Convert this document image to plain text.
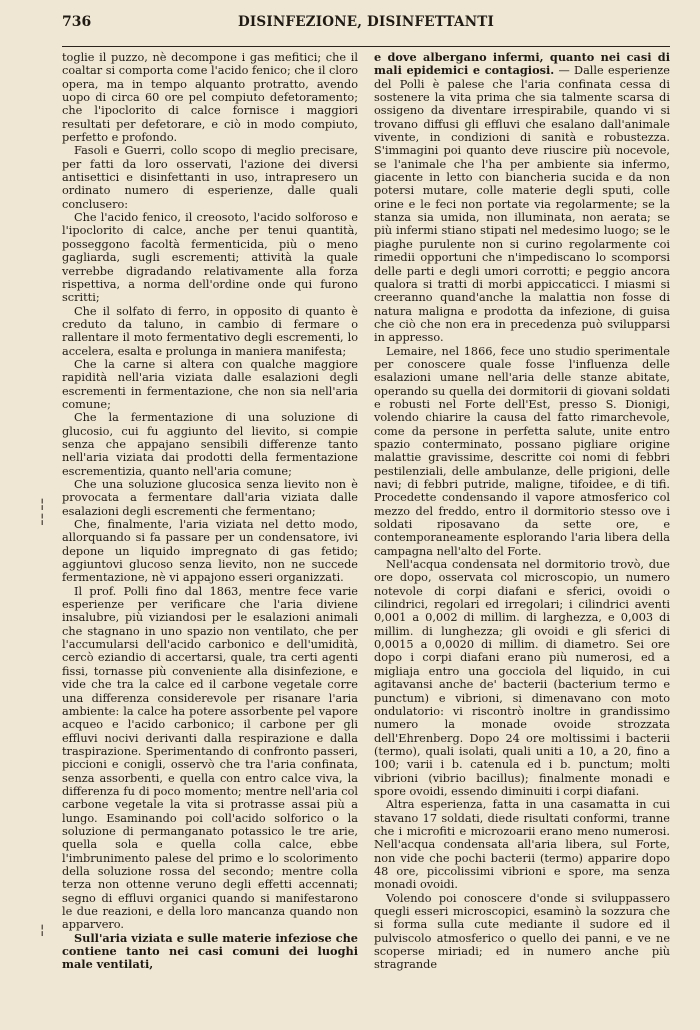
736	DISINFEZIONE, DISINFETTANTI

toglie il puzzo, nè decompone i gas mefitici; che il coaltar si comporta come l'acido fenico; che il cloro opera, ma in tempo alquanto protratto, avendo uopo di circa 60 ore pel compiuto defetoramento; che l'ipoclorito di calce fornisce i maggiori resultati per defetorare, e ciò in modo compiuto, perfetto e profondo.

Fasoli e Guerri, collo scopo di meglio precisare, per fatti da loro osservati, l'azione dei diversi antisettici e disinfettanti in uso, intrapresero un ordinato numero di esperienze, dalle quali conclusero:

Che l'acido fenico, il creosoto, l'acido solforoso e l'ipoclorito di calce, anche per tenui quantità, posseggono facoltà fermenticida, più o meno gagliarda, sugli escrementi; attività la quale verrebbe digradando relativamente alla forza rispettiva, a norma dell'ordine onde qui furono scritti;

Che il solfato di ferro, in opposito di quanto è creduto da taluno, in cambio di fermare o rallentare il moto fermentativo degli escrementi, lo accelera, esalta e prolunga in maniera manifesta;

Che la carne si altera con qualche maggiore rapidità nell'aria viziata dalle esalazioni degli escrementi in fermentazione, che non sia nell'aria comune;

Che la fermentazione di una soluzione di glucosio, cui fu aggiunto del lievito, si compie senza che appajano sensibili differenze tanto nell'aria viziata dai prodotti della fermentazione escrementizia, quanto nell'aria comune;

Che una soluzione glucosica senza lievito non è provocata a fermentare dall'aria viziata dalle esalazioni degli escrementi che fermentano;

Che, finalmente, l'aria viziata nel detto modo, allorquando si fa passare per un condensatore, ivi depone un liquido impregnato di gas fetido; aggiuntovi glucoso senza lievito, non ne succede fermentazione, nè vi appajono esseri organizzati.

Il prof. Polli fino dal 1863, mentre fece varie esperienze per verificare che l'aria diviene insalubre, più viziandosi per le esalazioni animali che stagnano in uno spazio non ventilato, che per l'accumularsi dell'acido carbonico e dell'umidità, cercò eziandio di accertarsi, quale, tra certi agenti fissi, tornasse più conveniente alla disinfezione, e vide che tra la calce ed il carbone vegetale corre una differenza considerevole per risanare l'aria ambiente: la calce ha potere assorbente pel vapore acqueo e l'acido carbonico; il carbone per gli effluvi nocivi derivanti dalla respirazione e dalla traspirazione. Sperimentando di confronto passeri, piccioni e conigli, osservò che tra l'aria confinata, senza assorbenti, e quella con entro calce viva, la differenza fu di poco momento; mentre nell'aria col carbone vegetale la vita si protrasse assai più a lungo. Esaminando poi coll'acido solforico o la soluzione di permanganato potassico le tre arie, quella sola e quella colla calce, ebbe l'imbrunimento palese del primo e lo scolorimento della soluzione rossa del secondo; mentre colla terza non ottenne veruno degli effetti accennati; segno di effluvi organici quando si manifestarono le due reazioni, e della loro mancanza quando non apparvero.

Sull'aria viziata e sulle materie infeziose che contiene tanto nei casi comuni dei luoghi male ventilati,

e dove albergano infermi, quanto nei casi di mali epidemici e contagiosi. — Dalle esperienze del Polli è palese che l'aria confinata cessa di sostenere la vita prima che sia talmente scarsa di ossigeno da diventare irrespirabile, quando vi si trovano diffusi gli effluvi che esalano dall'animale vivente, in condizioni di sanità e robustezza. S'immagini poi quanto deve riuscire più nocevole, se l'animale che l'ha per ambiente sia infermo, giacente in letto con biancheria sucida e da non potersi mutare, colle materie degli sputi, colle orine e le feci non portate via regolarmente; se la stanza sia umida, non illuminata, non aerata; se più infermi stiano stipati nel medesimo luogo; se le piaghe purulente non si curino regolarmente coi rimedii opportuni che n'impediscano lo scomporsi delle parti e degli umori corrotti; e peggio ancora qualora si tratti di morbi appiccaticci. I miasmi si creeranno quand'anche la malattia non fosse di natura maligna e prodotta da infezione, di guisa che ciò che non era in precedenza può svilupparsi in appresso.

Lemaire, nel 1866, fece uno studio sperimentale per conoscere quale fosse l'influenza delle esalazioni umane nell'aria delle stanze abitate, operando su quella dei dormitorii di giovani soldati e robusti nel Forte dell'Est, presso S. Dionigi, volendo chiarire la causa del fatto rimarchevole, come da persone in perfetta salute, unite entro spazio conterminato, possano pigliare origine malattie gravissime, descritte coi nomi di febbri pestilenziali, delle ambulanze, delle prigioni, delle navi; di febbri putride, maligne, tifoidee, e di tifi. Procedette condensando il vapore atmosferico col mezzo del freddo, entro il dormitorio stesso ove i soldati riposavano da sette ore, e contemporaneamente esplorando l'aria libera della campagna nell'alto del Forte.

Nell'acqua condensata nel dormitorio trovò, due ore dopo, osservata col microscopio, un numero notevole di corpi diafani e sferici, ovoidi o cilindrici, regolari ed irregolari; i cilindrici aventi 0,001 a 0,002 di millim. di larghezza, e 0,003 di millim. di lunghezza; gli ovoidi e gli sferici di 0,0015 a 0,0020 di millim. di diametro. Sei ore dopo i corpi diafani erano più numerosi, ed a migliaja entro una gocciola del liquido, in cui agitavansi anche de' bacterii (bacterium termo e punctum) e vibrioni, si dimenavano con moto ondulatorio: vi riscontrò inoltre in grandissimo numero la monade ovoide strozzata dell'Ehrenberg. Dopo 24 ore moltissimi i bacterii (termo), quali isolati, quali uniti a 10, a 20, fino a 100; varii i b. catenula ed i b. punctum; molti vibrioni (vibrio bacillus); finalmente monadi e spore ovoidi, essendo diminuiti i corpi diafani.

Altra esperienza, fatta in una casamatta in cui stavano 17 soldati, diede risultati conformi, tranne che i microfiti e microzoarii erano meno numerosi. Nell'acqua condensata all'aria libera, sul Forte, non vide che pochi bacterii (termo) apparire dopo 48 ore, piccolissimi vibrioni e spore, ma senza monadi ovoidi.

Volendo poi conoscere d'onde si sviluppassero quegli esseri microscopici, esaminò la sozzura che si forma sulla cute mediante il sudore ed il pulviscolo atmosferico o quello dei panni, e ve ne scoperse miriadi; ed in numero anche più stragrande

¦
¦
¦
